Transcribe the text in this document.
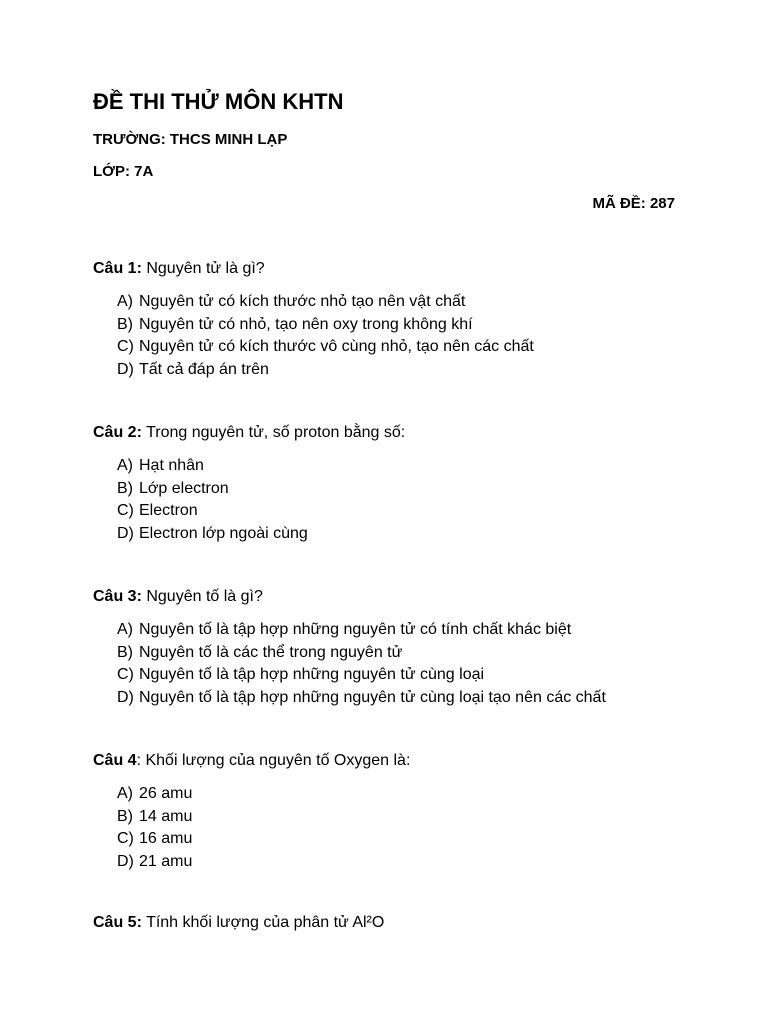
ĐỀ THI THỬ MÔN KHTN
TRƯỜNG: THCS MINH LẠP
LỚP: 7A
MÃ ĐỀ: 287
Câu 1: Nguyên tử là gì?
A) Nguyên tử có kích thước nhỏ tạo nên vật chất
B) Nguyên tử có nhỏ, tạo nên oxy trong không khí
C) Nguyên tử có kích thước vô cùng nhỏ, tạo nên các chất
D) Tất cả đáp án trên
Câu 2: Trong nguyên tử, số proton bằng số:
A) Hạt nhân
B) Lớp electron
C) Electron
D) Electron lớp ngoài cùng
Câu 3: Nguyên tố là gì?
A) Nguyên tố là tập hợp những nguyên tử có tính chất khác biệt
B) Nguyên tố là các thể trong nguyên tử
C) Nguyên tố là tập hợp những nguyên tử cùng loại
D) Nguyên tố là tập hợp những nguyên tử cùng loại tạo nên các chất
Câu 4: Khối lượng của nguyên tố Oxygen là:
A) 26 amu
B) 14 amu
C) 16 amu
D) 21 amu
Câu 5: Tính khối lượng của phân tử Al²O
